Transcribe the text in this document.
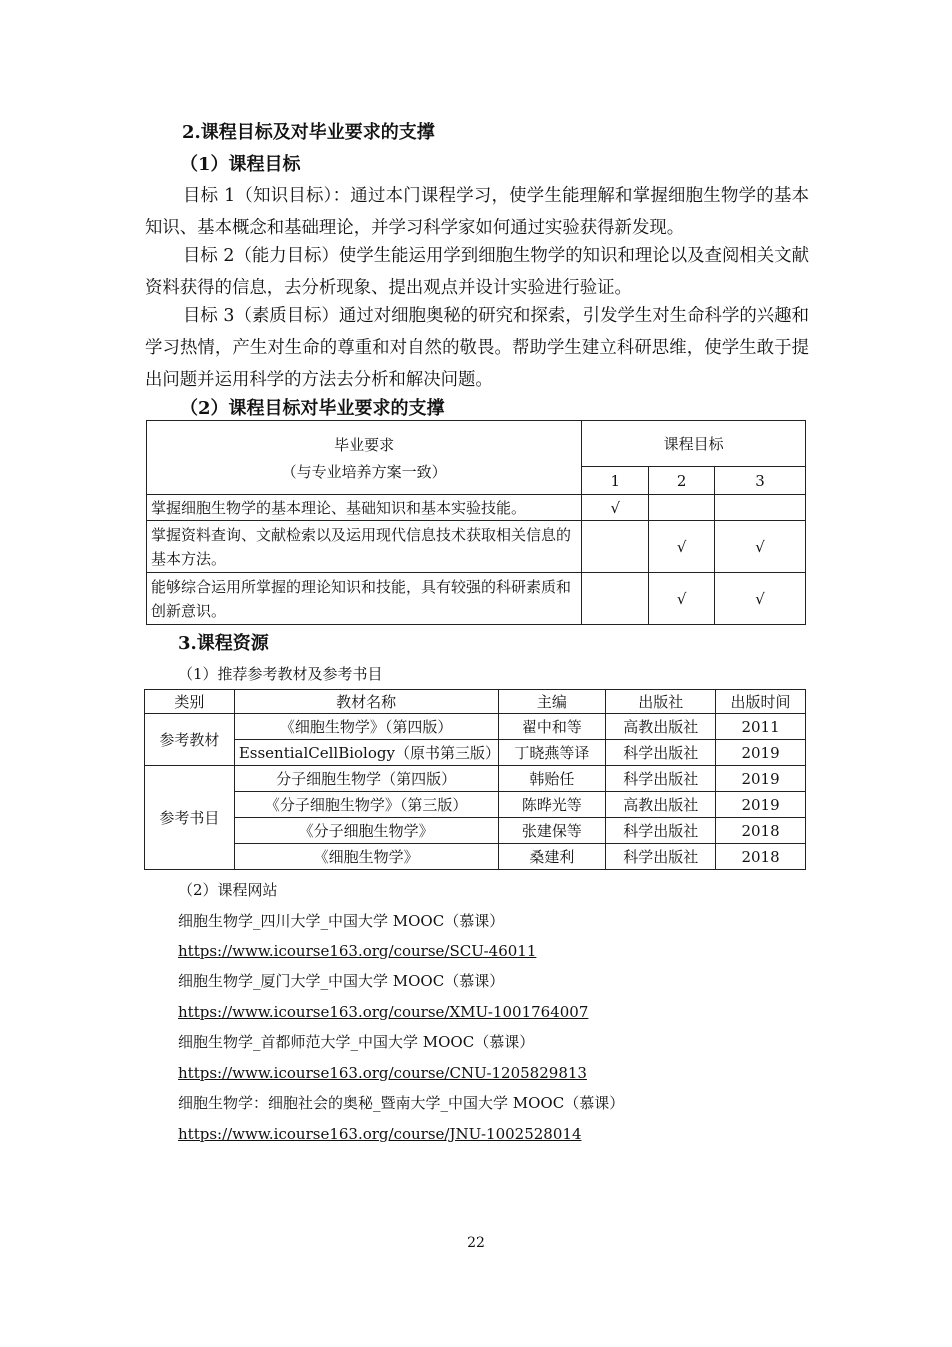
2.课程目标及对毕业要求的支撑
（1）课程目标
目标 1（知识目标）：通过本门课程学习，使学生能理解和掌握细胞生物学的基本知识、基本概念和基础理论，并学习科学家如何通过实验获得新发现。
目标 2（能力目标）使学生能运用学到细胞生物学的知识和理论以及查阅相关文献资料获得的信息，去分析现象、提出观点并设计实验进行验证。
目标 3（素质目标）通过对细胞奥秘的研究和探索，引发学生对生命科学的兴趣和学习热情，产生对生命的尊重和对自然的敬畏。帮助学生建立科研思维，使学生敢于提出问题并运用科学的方法去分析和解决问题。
（2）课程目标对毕业要求的支撑
毕业要求
（与专业培养方案一致）	课程目标		
	1	2	3
掌握细胞生物学的基本理论、基础知识和基本实验技能。	√		
掌握资料查询、文献检索以及运用现代信息技术获取相关信息的基本方法。		√	√
能够综合运用所掌握的理论知识和技能，具有较强的科研素质和创新意识。		√	√
3.课程资源
（1）推荐参考教材及参考书目
类别	教材名称	主编	出版社	出版时间
参考教材	《细胞生物学》（第四版）	翟中和等	高教出版社	2011
	EssentialCellBiology（原书第三版）	丁晓燕等译	科学出版社	2019
参考书目	分子细胞生物学（第四版）	韩贻任	科学出版社	2019
	《分子细胞生物学》（第三版）	陈晔光等	高教出版社	2019
	《分子细胞生物学》	张建保等	科学出版社	2018
	《细胞生物学》	桑建利	科学出版社	2018
（2）课程网站
细胞生物学_四川大学_中国大学 MOOC（慕课）
https://www.icourse163.org/course/SCU-46011
细胞生物学_厦门大学_中国大学 MOOC（慕课）
https://www.icourse163.org/course/XMU-1001764007
细胞生物学_首都师范大学_中国大学 MOOC（慕课）
https://www.icourse163.org/course/CNU-1205829813
细胞生物学：细胞社会的奥秘_暨南大学_中国大学 MOOC（慕课）
https://www.icourse163.org/course/JNU-1002528014
22
